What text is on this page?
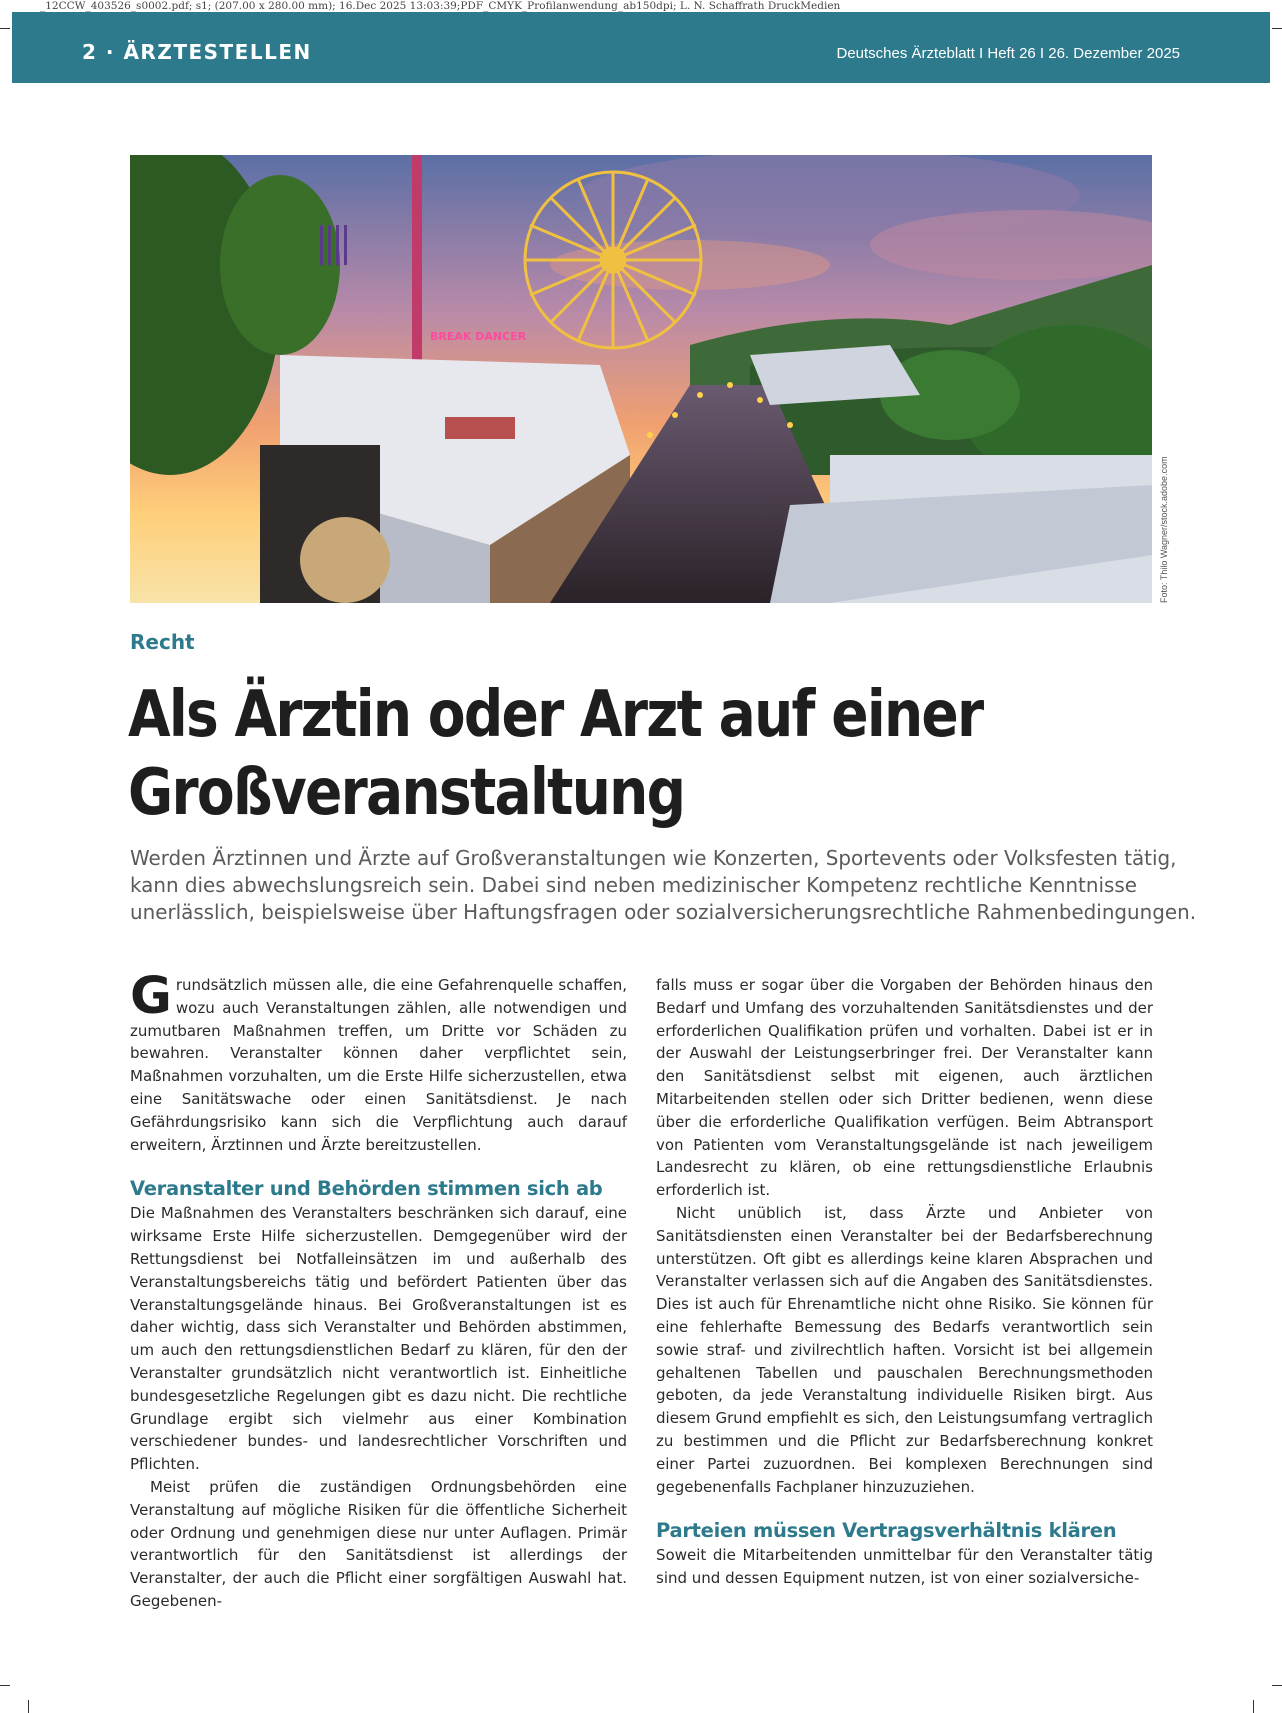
_12CCW_403526_s0002.pdf; s1; (207.00 x 280.00 mm); 16.Dec 2025 13:03:39;PDF_CMYK_Profilanwendung_ab150dpi; L. N. Schaffrath DruckMedien
2 · ÄRZTESTELLEN	Deutsches Ärzteblatt I Heft 26 I 26. Dezember 2025
BREAK DANCER
Foto: Thilo Wagner/stock.adobe.com
Recht
Als Ärztin oder Arzt auf einer
Großveranstaltung
Werden Ärztinnen und Ärzte auf Großveranstaltungen wie Konzerten, Sportevents oder Volksfesten tätig,
kann dies abwechslungsreich sein. Dabei sind neben medizinischer Kompetenz rechtliche Kenntnisse
unerlässlich, beispielsweise über Haftungsfragen oder sozialversicherungsrechtliche Rahmenbedingungen.

Grundsätzlich müssen alle, die eine Gefahrenquelle schaffen, wozu auch Veranstaltungen zählen, alle notwendigen und zumutbaren Maßnahmen treffen, um Dritte vor Schäden zu bewahren. Veranstalter können daher verpflichtet sein, Maßnahmen vorzuhalten, um die Erste Hilfe sicherzustellen, etwa eine Sanitätswache oder einen Sanitätsdienst. Je nach Gefährdungsrisiko kann sich die Verpflichtung auch darauf erweitern, Ärztinnen und Ärzte bereitzustellen.

Veranstalter und Behörden stimmen sich ab

Die Maßnahmen des Veranstalters beschränken sich darauf, eine wirksame Erste Hilfe sicherzustellen. Demgegenüber wird der Rettungsdienst bei Notfalleinsätzen im und außerhalb des Veranstaltungsbereichs tätig und befördert Patienten über das Veranstaltungsgelände hinaus. Bei Großveranstaltungen ist es daher wichtig, dass sich Veranstalter und Behörden abstimmen, um auch den rettungsdienstlichen Bedarf zu klären, für den der Veranstalter grundsätzlich nicht verantwortlich ist. Einheitliche bundesgesetzliche Regelungen gibt es dazu nicht. Die rechtliche Grundlage ergibt sich vielmehr aus einer Kombination verschiedener bundes- und landesrechtlicher Vorschriften und Pflichten.

Meist prüfen die zuständigen Ordnungsbehörden eine Veranstaltung auf mögliche Risiken für die öffentliche Sicherheit oder Ordnung und genehmigen diese nur unter Auflagen. Primär verantwortlich für den Sanitätsdienst ist allerdings der Veranstalter, der auch die Pflicht einer sorgfältigen Auswahl hat. Gegebenen-

falls muss er sogar über die Vorgaben der Behörden hinaus den Bedarf und Umfang des vorzuhaltenden Sanitätsdienstes und der erforderlichen Qualifikation prüfen und vorhalten. Dabei ist er in der Auswahl der Leistungserbringer frei. Der Veranstalter kann den Sanitätsdienst selbst mit eigenen, auch ärztlichen Mitarbeitenden stellen oder sich Dritter bedienen, wenn diese über die erforderliche Qualifikation verfügen. Beim Abtransport von Patienten vom Veranstaltungsgelände ist nach jeweiligem Landesrecht zu klären, ob eine rettungsdienstliche Erlaubnis erforderlich ist.

Nicht unüblich ist, dass Ärzte und Anbieter von Sanitätsdiensten einen Veranstalter bei der Bedarfsberechnung unterstützen. Oft gibt es allerdings keine klaren Absprachen und Veranstalter verlassen sich auf die Angaben des Sanitätsdienstes. Dies ist auch für Ehrenamtliche nicht ohne Risiko. Sie können für eine fehlerhafte Bemessung des Bedarfs verantwortlich sein sowie straf- und zivilrechtlich haften. Vorsicht ist bei allgemein gehaltenen Tabellen und pauschalen Berechnungsmethoden geboten, da jede Veranstaltung individuelle Risiken birgt. Aus diesem Grund empfiehlt es sich, den Leistungsumfang vertraglich zu bestimmen und die Pflicht zur Bedarfsberechnung konkret einer Partei zuzuordnen. Bei komplexen Berechnungen sind gegebenenfalls Fachplaner hinzuzuziehen.

Parteien müssen Vertragsverhältnis klären

Soweit die Mitarbeitenden unmittelbar für den Veranstalter tätig sind und dessen Equipment nutzen, ist von einer sozialversiche-
